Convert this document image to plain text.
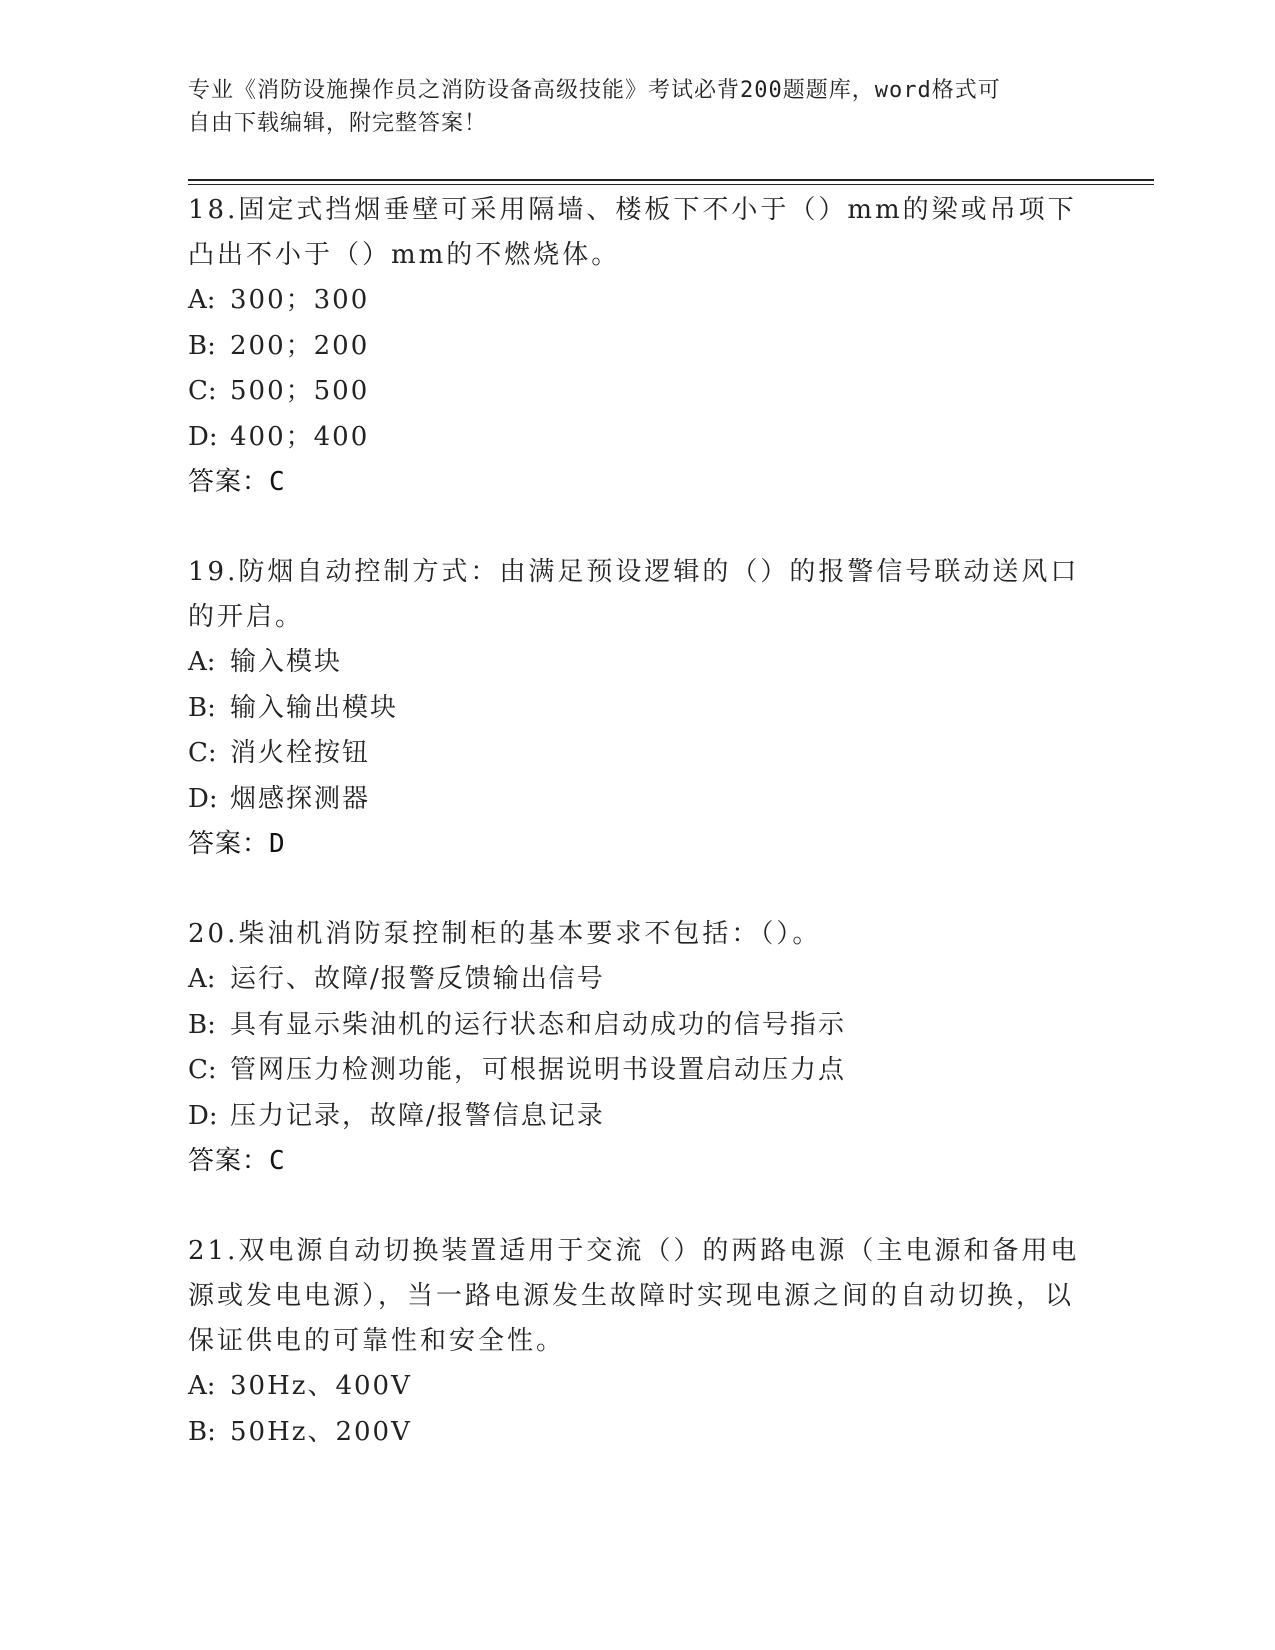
专业《消防设施操作员之消防设备高级技能》考试必背200题题库，word格式可
自由下载编辑，附完整答案！

18.固定式挡烟垂壁可采用隔墙、楼板下不小于（）mm的梁或吊项下凸出不小于（）mm的不燃烧体。

A: 300；300

B: 200；200

C: 500；500

D: 400；400

答案：C

19.防烟自动控制方式：由满足预设逻辑的（）的报警信号联动送风口的开启。

A: 输入模块

B: 输入输出模块

C: 消火栓按钮

D: 烟感探测器

答案：D

20.柴油机消防泵控制柜的基本要求不包括：（）。

A: 运行、故障/报警反馈输出信号

B: 具有显示柴油机的运行状态和启动成功的信号指示

C: 管网压力检测功能，可根据说明书设置启动压力点

D: 压力记录，故障/报警信息记录

答案：C

21.双电源自动切换装置适用于交流（）的两路电源（主电源和备用电源或发电电源），当一路电源发生故障时实现电源之间的自动切换，以保证供电的可靠性和安全性。

A: 30Hz、400V

B: 50Hz、200V
